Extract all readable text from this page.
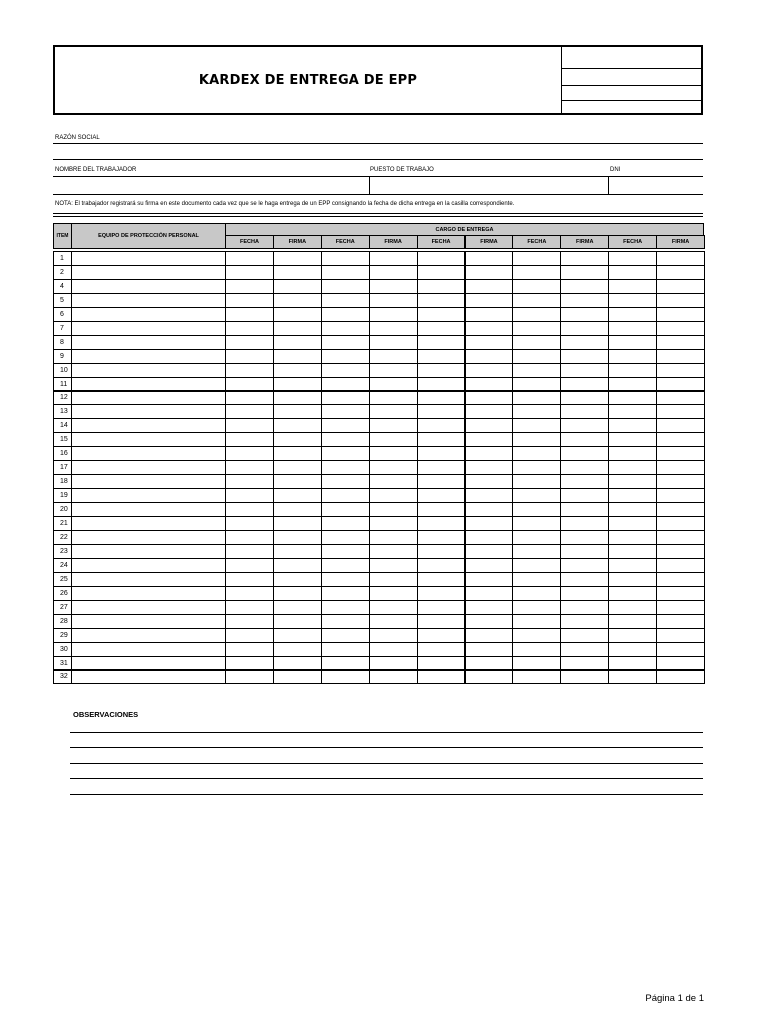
KARDEX DE ENTREGA DE EPP
RAZÓN SOCIAL
NOMBRE DEL TRABAJADOR	PUESTO DE TRABAJO	DNI
NOTA: El trabajador registrará su firma en este documento cada vez que se le haga entrega de un EPP consignando la fecha de dicha entrega en la casilla correspondiente.
ITEM	EQUIPO DE PROTECCIÓN PERSONAL
CARGO DE ENTREGA
FECHA	FIRMA	FECHA	FIRMA	FECHA	FIRMA	FECHA	FIRMA	FECHA	FIRMA
1
2
4
5
6
7
8
9
10
11
12
13
14
15
16
17
18
19
20
21
22
23
24
25
26
27
28
29
30
31
32
OBSERVACIONES
Página 1 de 1
